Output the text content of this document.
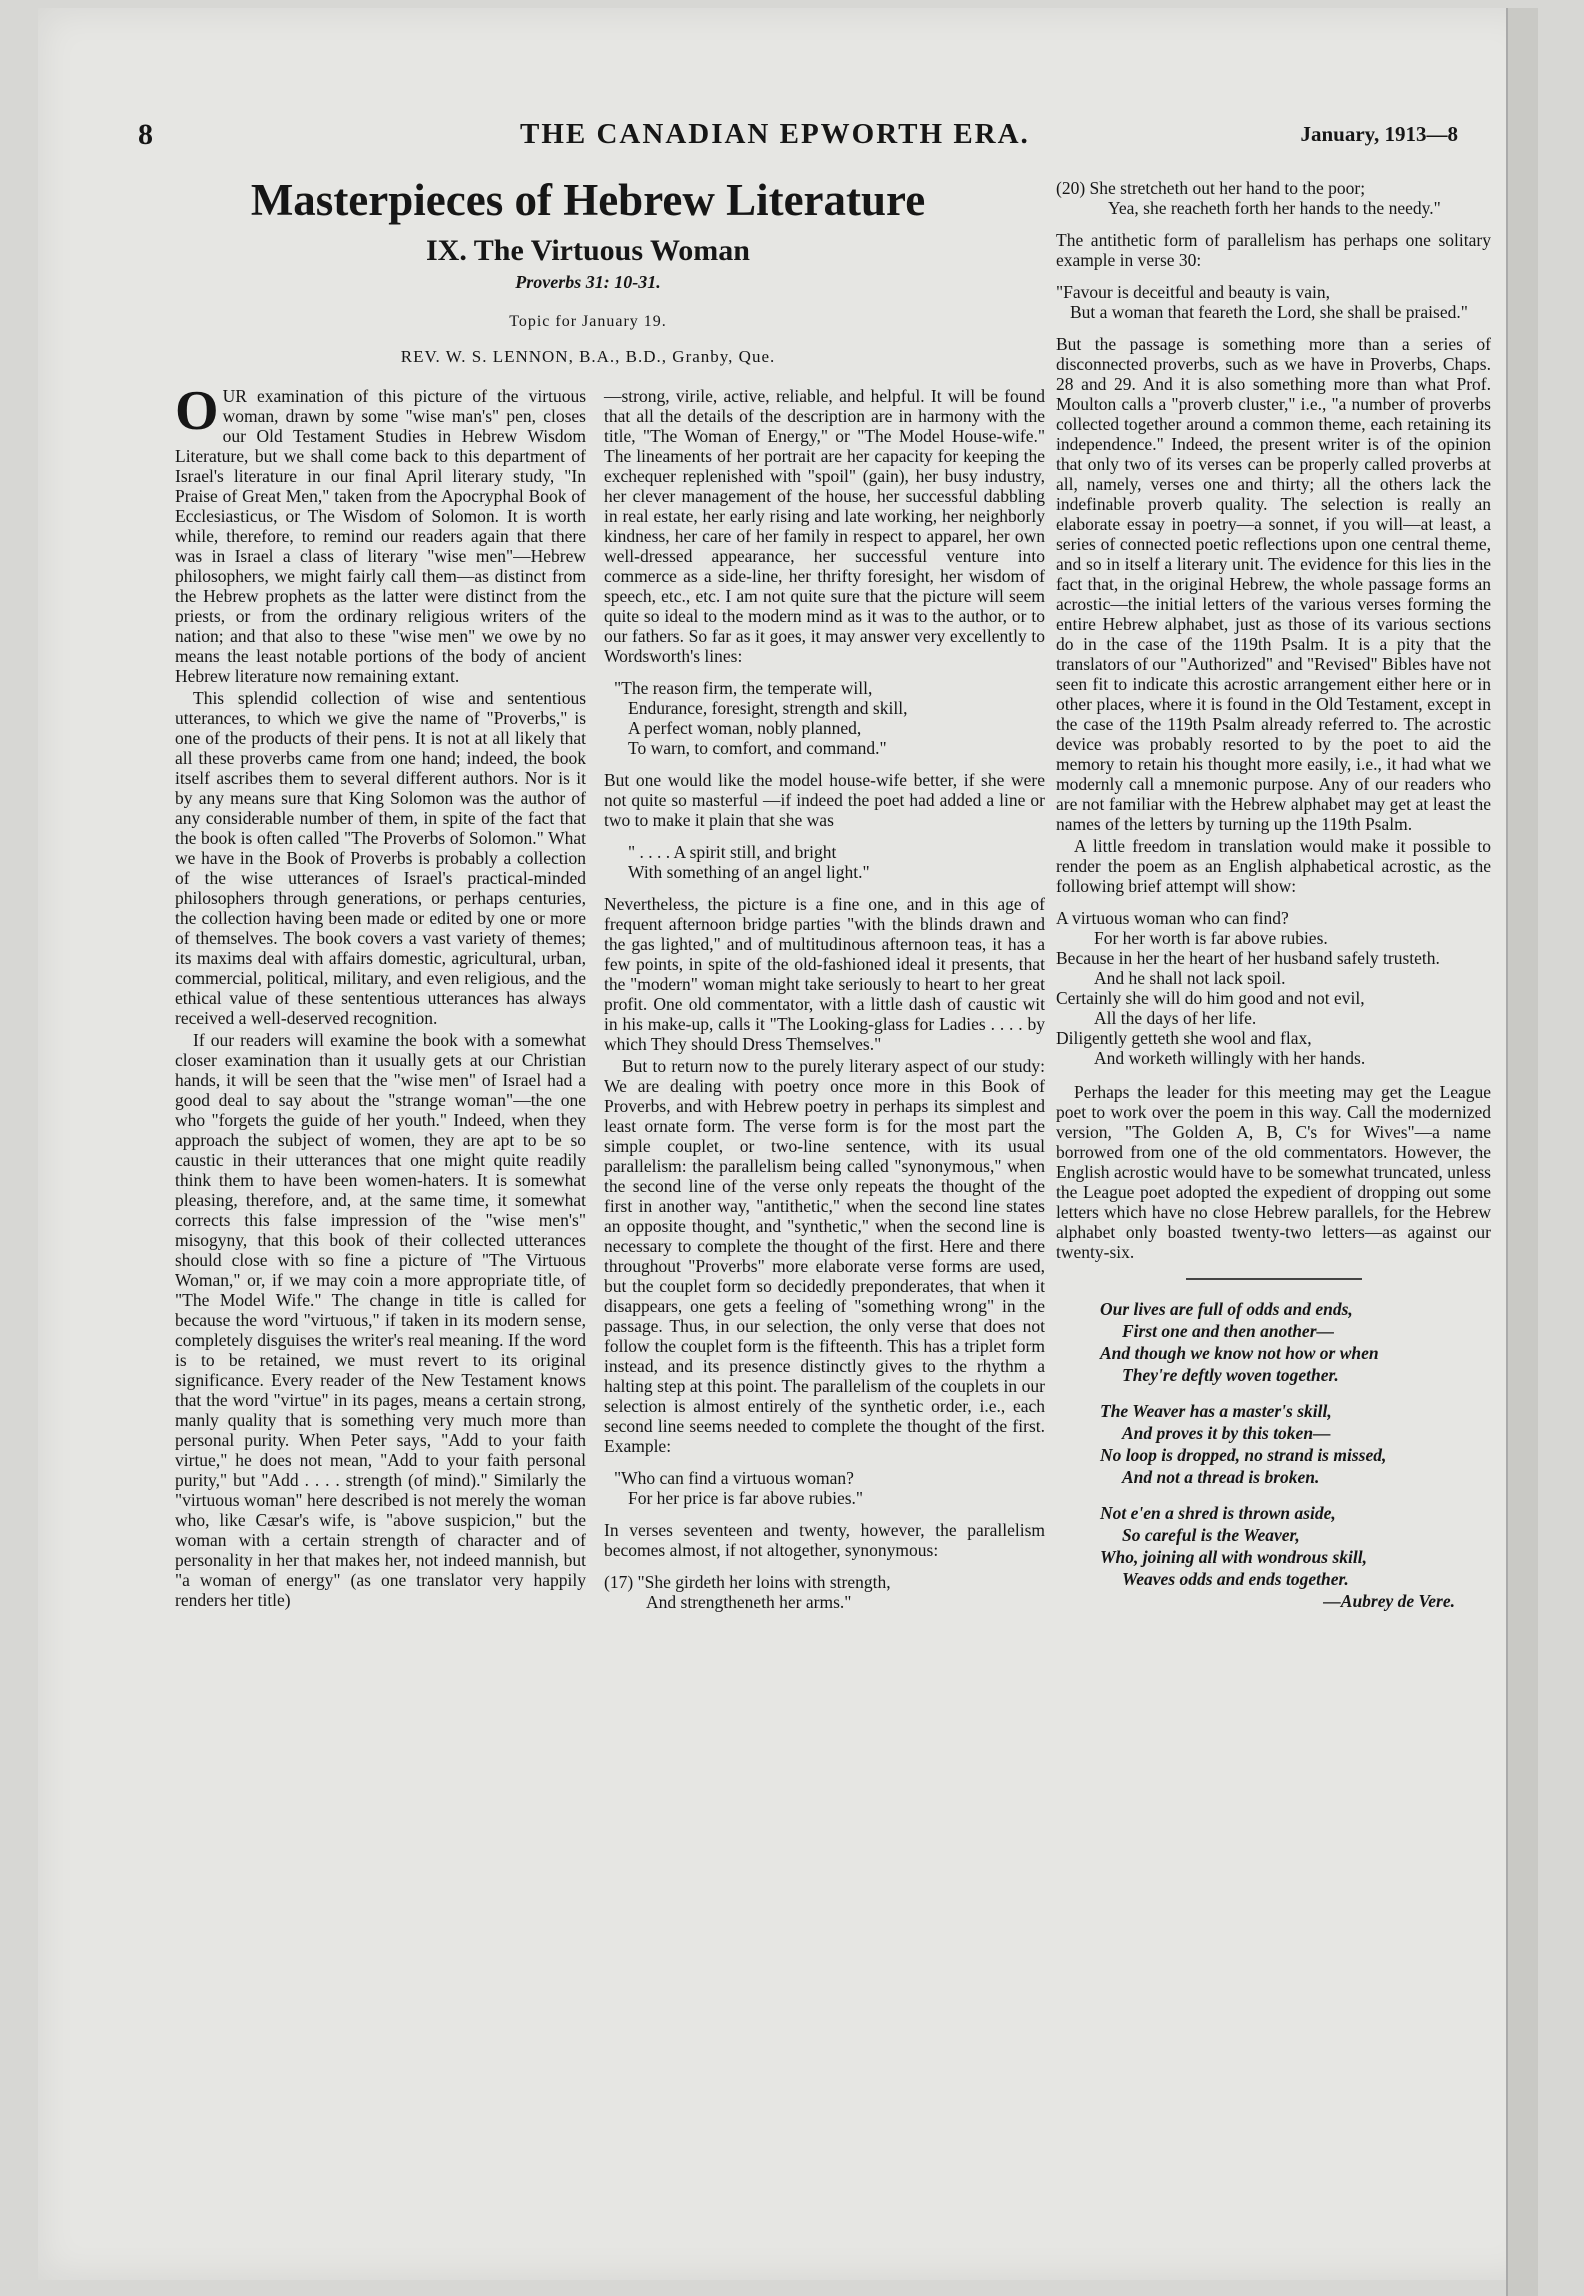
8	THE CANADIAN EPWORTH ERA.	January, 1913—8
Masterpieces of Hebrew Literature
IX. The Virtuous Woman
Proverbs 31: 10-31.
Topic for January 19.
REV. W. S. LENNON, B.A., B.D., Granby, Que.

OUR examination of this picture of the virtuous woman, drawn by some "wise man's" pen, closes our Old Testament Studies in Hebrew Wisdom Literature, but we shall come back to this department of Israel's literature in our final April literary study, "In Praise of Great Men," taken from the Apocryphal Book of Ecclesiasticus, or The Wisdom of Solomon. It is worth while, therefore, to remind our readers again that there was in Israel a class of literary "wise men"—Hebrew philosophers, we might fairly call them—as distinct from the Hebrew prophets as the latter were distinct from the priests, or from the ordinary religious writers of the nation; and that also to these "wise men" we owe by no means the least notable portions of the body of ancient Hebrew literature now remaining extant.

This splendid collection of wise and sententious utterances, to which we give the name of "Proverbs," is one of the products of their pens. It is not at all likely that all these proverbs came from one hand; indeed, the book itself ascribes them to several different authors. Nor is it by any means sure that King Solomon was the author of any considerable number of them, in spite of the fact that the book is often called "The Proverbs of Solomon." What we have in the Book of Proverbs is probably a collection of the wise utterances of Israel's practical-minded philosophers through generations, or perhaps centuries, the collection having been made or edited by one or more of themselves. The book covers a vast variety of themes; its maxims deal with affairs domestic, agricultural, urban, commercial, political, military, and even religious, and the ethical value of these sententious utterances has always received a well-deserved recognition.

If our readers will examine the book with a somewhat closer examination than it usually gets at our Christian hands, it will be seen that the "wise men" of Israel had a good deal to say about the "strange woman"—the one who "forgets the guide of her youth." Indeed, when they approach the subject of women, they are apt to be so caustic in their utterances that one might quite readily think them to have been women-haters. It is somewhat pleasing, therefore, and, at the same time, it somewhat corrects this false impression of the "wise men's" misogyny, that this book of their collected utterances should close with so fine a picture of "The Virtuous Woman," or, if we may coin a more appropriate title, of "The Model Wife." The change in title is called for because the word "virtuous," if taken in its modern sense, completely disguises the writer's real meaning. If the word is to be retained, we must revert to its original significance. Every reader of the New Testament knows that the word "virtue" in its pages, means a certain strong, manly quality that is something very much more than personal purity. When Peter says, "Add to your faith virtue," he does not mean, "Add to your faith personal purity," but "Add . . . . strength (of mind)." Similarly the "virtuous woman" here described is not merely the woman who, like Cæsar's wife, is "above suspicion," but the woman with a certain strength of character and of personality in her that makes her, not indeed mannish, but "a woman of energy" (as one translator very happily renders her title)

—strong, virile, active, reliable, and helpful. It will be found that all the details of the description are in harmony with the title, "The Woman of Energy," or "The Model House-wife." The lineaments of her portrait are her capacity for keeping the exchequer replenished with "spoil" (gain), her busy industry, her clever management of the house, her successful dabbling in real estate, her early rising and late working, her neighborly kindness, her care of her family in respect to apparel, her own well-dressed appearance, her successful venture into commerce as a side-line, her thrifty foresight, her wisdom of speech, etc., etc. I am not quite sure that the picture will seem quite so ideal to the modern mind as it was to the author, or to our fathers. So far as it goes, it may answer very excellently to Wordsworth's lines:

"The reason firm, the temperate will,
Endurance, foresight, strength and skill,
A perfect woman, nobly planned,
To warn, to comfort, and command."

But one would like the model house-wife better, if she were not quite so masterful —if indeed the poet had added a line or two to make it plain that she was

" . . . . A spirit still, and bright
With something of an angel light."

Nevertheless, the picture is a fine one, and in this age of frequent afternoon bridge parties "with the blinds drawn and the gas lighted," and of multitudinous afternoon teas, it has a few points, in spite of the old-fashioned ideal it presents, that the "modern" woman might take seriously to heart to her great profit. One old commentator, with a little dash of caustic wit in his make-up, calls it "The Looking-glass for Ladies . . . . by which They should Dress Themselves."

But to return now to the purely literary aspect of our study: We are dealing with poetry once more in this Book of Proverbs, and with Hebrew poetry in perhaps its simplest and least ornate form. The verse form is for the most part the simple couplet, or two-line sentence, with its usual parallelism: the parallelism being called "synonymous," when the second line of the verse only repeats the thought of the first in another way, "antithetic," when the second line states an opposite thought, and "synthetic," when the second line is necessary to complete the thought of the first. Here and there throughout "Proverbs" more elaborate verse forms are used, but the couplet form so decidedly preponderates, that when it disappears, one gets a feeling of "something wrong" in the passage. Thus, in our selection, the only verse that does not follow the couplet form is the fifteenth. This has a triplet form instead, and its presence distinctly gives to the rhythm a halting step at this point. The parallelism of the couplets in our selection is almost entirely of the synthetic order, i.e., each second line seems needed to complete the thought of the first. Example:

"Who can find a virtuous woman?
For her price is far above rubies."

In verses seventeen and twenty, however, the parallelism becomes almost, if not altogether, synonymous:

(17) "She girdeth her loins with strength,
And strengtheneth her arms."
(20) She stretcheth out her hand to the poor;
Yea, she reacheth forth her hands to the needy."

The antithetic form of parallelism has perhaps one solitary example in verse 30:

"Favour is deceitful and beauty is vain,
But a woman that feareth the Lord, she shall be praised."

But the passage is something more than a series of disconnected proverbs, such as we have in Proverbs, Chaps. 28 and 29. And it is also something more than what Prof. Moulton calls a "proverb cluster," i.e., "a number of proverbs collected together around a common theme, each retaining its independence." Indeed, the present writer is of the opinion that only two of its verses can be properly called proverbs at all, namely, verses one and thirty; all the others lack the indefinable proverb quality. The selection is really an elaborate essay in poetry—a sonnet, if you will—at least, a series of connected poetic reflections upon one central theme, and so in itself a literary unit. The evidence for this lies in the fact that, in the original Hebrew, the whole passage forms an acrostic—the initial letters of the various verses forming the entire Hebrew alphabet, just as those of its various sections do in the case of the 119th Psalm. It is a pity that the translators of our "Authorized" and "Revised" Bibles have not seen fit to indicate this acrostic arrangement either here or in other places, where it is found in the Old Testament, except in the case of the 119th Psalm already referred to. The acrostic device was probably resorted to by the poet to aid the memory to retain his thought more easily, i.e., it had what we modernly call a mnemonic purpose. Any of our readers who are not familiar with the Hebrew alphabet may get at least the names of the letters by turning up the 119th Psalm.

A little freedom in translation would make it possible to render the poem as an English alphabetical acrostic, as the following brief attempt will show:

A virtuous woman who can find?
For her worth is far above rubies.
Because in her the heart of her husband safely trusteth.
And he shall not lack spoil.
Certainly she will do him good and not evil,
All the days of her life.
Diligently getteth she wool and flax,
And worketh willingly with her hands.

Perhaps the leader for this meeting may get the League poet to work over the poem in this way. Call the modernized version, "The Golden A, B, C's for Wives"—a name borrowed from one of the old commentators. However, the English acrostic would have to be somewhat truncated, unless the League poet adopted the expedient of dropping out some letters which have no close Hebrew parallels, for the Hebrew alphabet only boasted twenty-two letters—as against our twenty-six.

Our lives are full of odds and ends,
First one and then another—
And though we know not how or when
They're deftly woven together.
The Weaver has a master's skill,
And proves it by this token—
No loop is dropped, no strand is missed,
And not a thread is broken.
Not e'en a shred is thrown aside,
So careful is the Weaver,
Who, joining all with wondrous skill,
Weaves odds and ends together.
—Aubrey de Vere.
